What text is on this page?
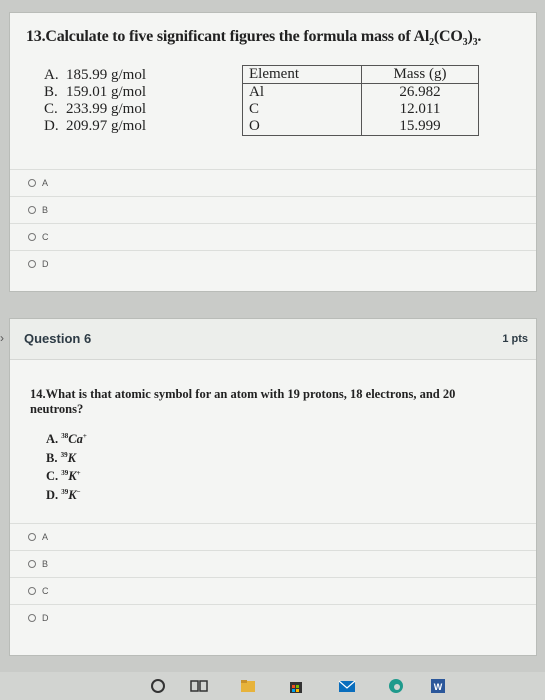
›
13.Calculate to five significant figures the formula mass of $Al_2(CO_3)_3$.
A. 185.99 g/mol
B. 159.01 g/mol
C. 233.99 g/mol
D. 209.97 g/mol
Element	Mass (g)
Al	26.982
C	12.011
O	15.999
A
B
C
D
Question 6	1 pts
14.What is that atomic symbol for an atom with 19 protons, 18 electrons, and 20 neutrons?
A. $^{38}$Ca+
B. $^{39}$K
C. $^{39}$K+
D. $^{39}$K−
A
B
C
D
W
